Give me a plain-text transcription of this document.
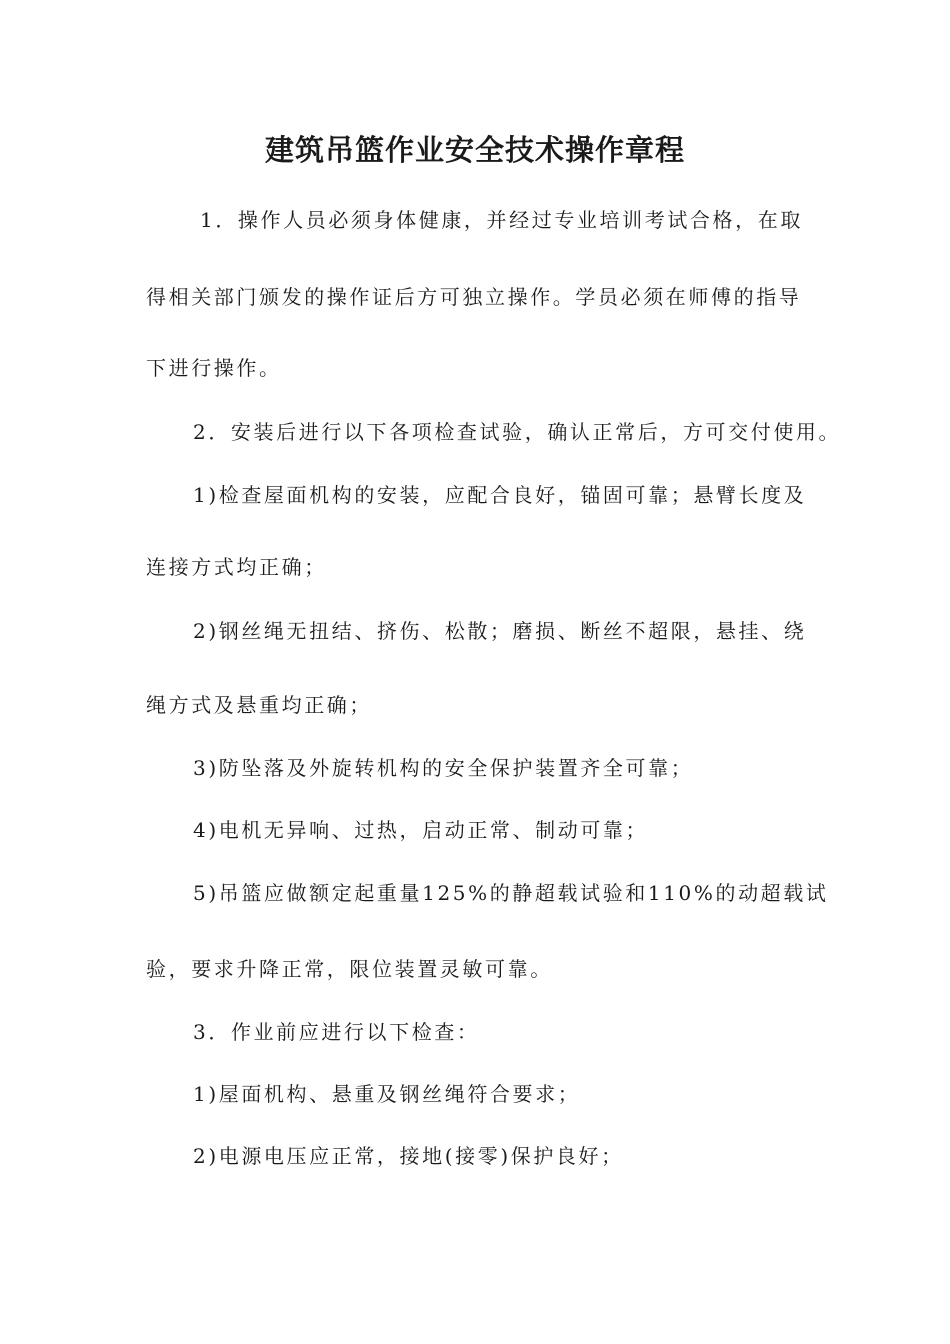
建筑吊篮作业安全技术操作章程
1．操作人员必须身体健康，并经过专业培训考试合格，在取
得相关部门颁发的操作证后方可独立操作。学员必须在师傅的指导
下进行操作。
2．安装后进行以下各项检查试验，确认正常后，方可交付使用。
1)检查屋面机构的安装，应配合良好，锚固可靠；悬臂长度及
连接方式均正确；
2)钢丝绳无扭结、挤伤、松散；磨损、断丝不超限，悬挂、绕
绳方式及悬重均正确；
3)防坠落及外旋转机构的安全保护装置齐全可靠；
4)电机无异响、过热，启动正常、制动可靠；
5)吊篮应做额定起重量125%的静超载试验和110%的动超载试
验，要求升降正常，限位装置灵敏可靠。
3．作业前应进行以下检查：
1)屋面机构、悬重及钢丝绳符合要求；
2)电源电压应正常，接地(接零)保护良好；
